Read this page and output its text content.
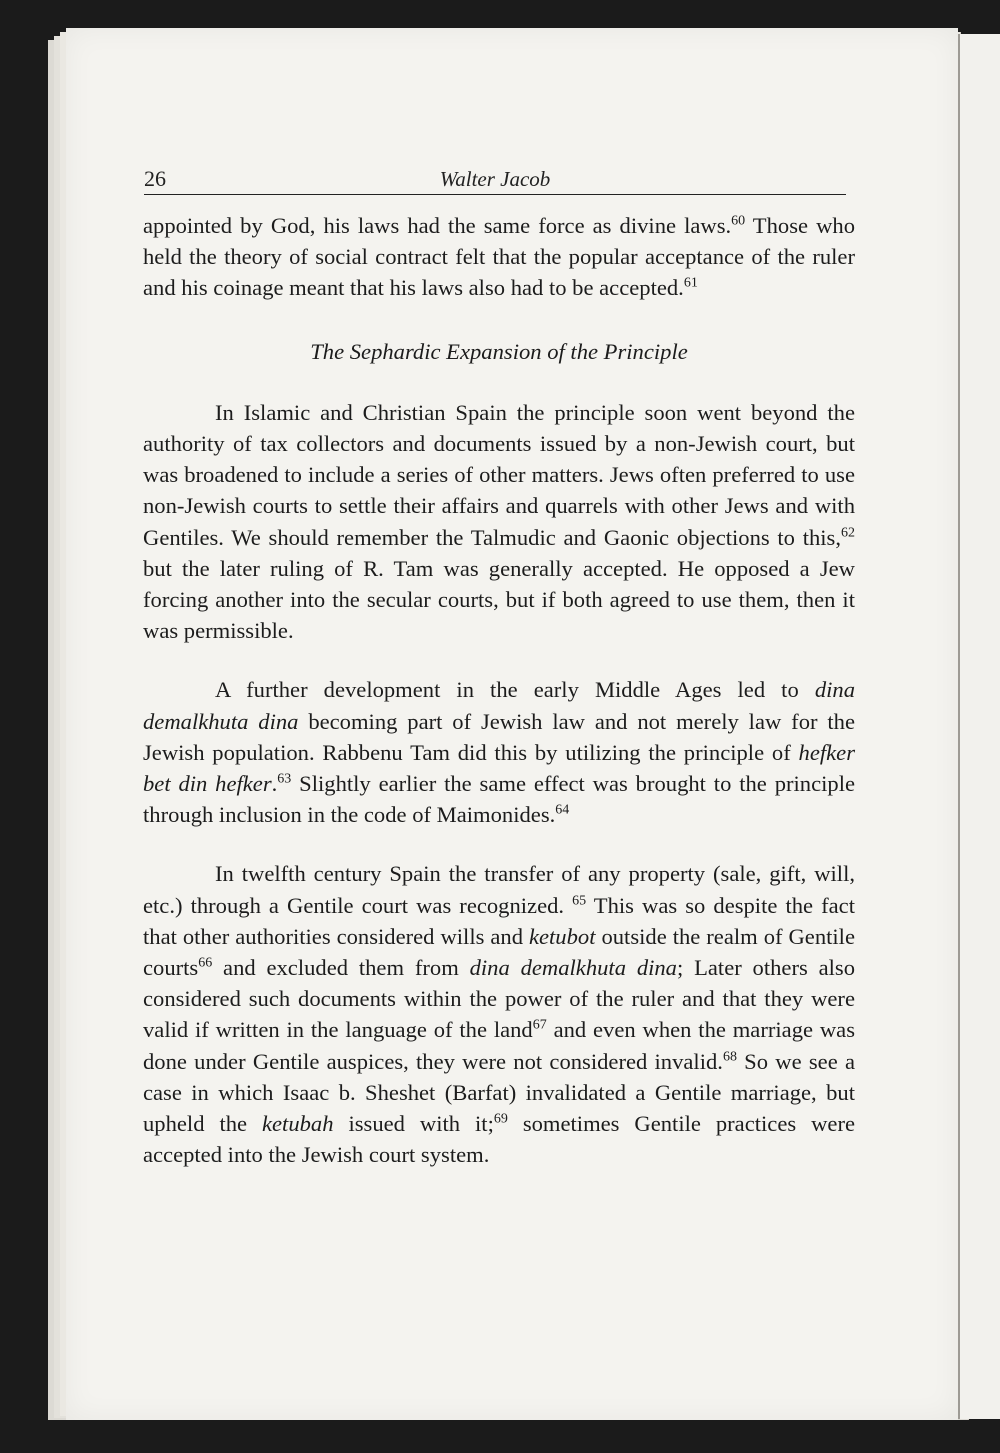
26	Walter Jacob

appointed by God, his laws had the same force as divine laws.$^{60}$ Those who held the theory of social contract felt that the popular acceptance of the ruler and his coinage meant that his laws also had to be accepted.$^{61}$

The Sephardic Expansion of the Principle

In Islamic and Christian Spain the principle soon went beyond the authority of tax collectors and documents issued by a non-Jewish court, but was broadened to include a series of other matters. Jews often preferred to use non-Jewish courts to settle their affairs and quarrels with other Jews and with Gentiles. We should remember the Talmudic and Gaonic objections to this,$^{62}$ but the later ruling of R. Tam was generally accepted. He opposed a Jew forcing another into the secular courts, but if both agreed to use them, then it was permissible.

A further development in the early Middle Ages led to dina demalkhuta dina becoming part of Jewish law and not merely law for the Jewish population. Rabbenu Tam did this by utilizing the principle of hefker bet din hefker.$^{63}$ Slightly earlier the same effect was brought to the principle through inclusion in the code of Maimonides.$^{64}$

In twelfth century Spain the transfer of any property (sale, gift, will, etc.) through a Gentile court was recognized. $^{65}$ This was so despite the fact that other authorities considered wills and ketubot outside the realm of Gentile courts$^{66}$ and excluded them from dina demalkhuta dina; Later others also considered such documents within the power of the ruler and that they were valid if written in the language of the land$^{67}$ and even when the marriage was done under Gentile auspices, they were not considered invalid.$^{68}$ So we see a case in which Isaac b. Sheshet (Barfat) invalidated a Gentile marriage, but upheld the ketubah issued with it;$^{69}$ sometimes Gentile practices were accepted into the Jewish court system.
